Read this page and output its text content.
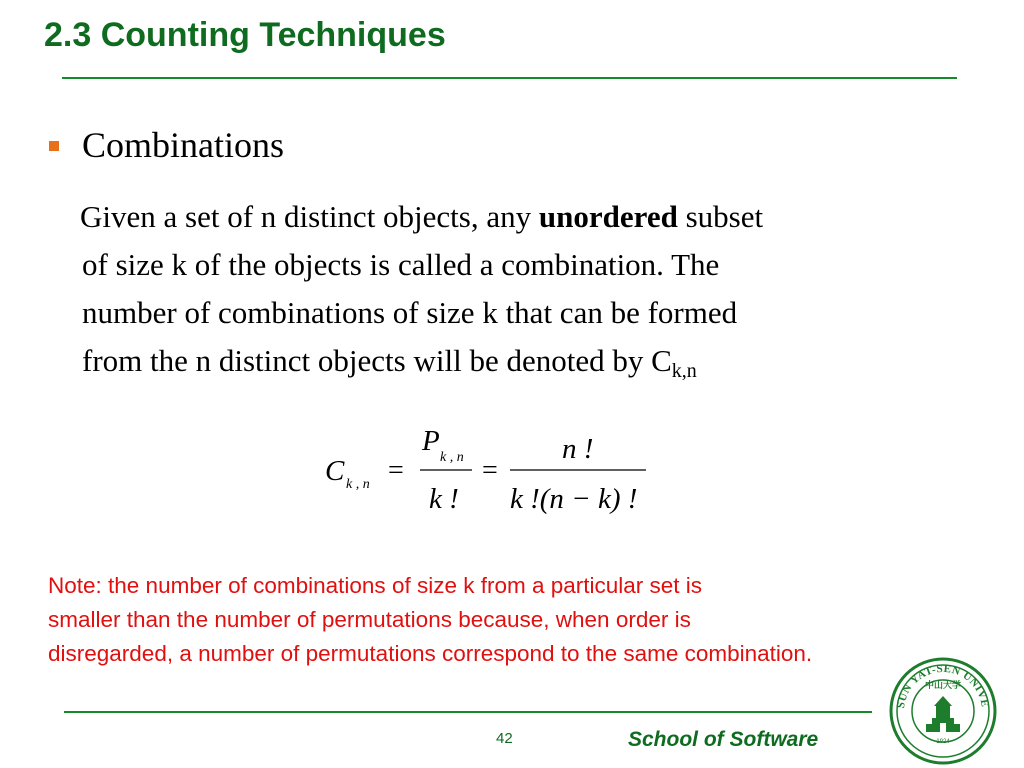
2.3 Counting Techniques

Combinations

Given a set of n distinct objects, any unordered subset
of size k of the objects is called a combination. The
number of combinations of size k that can be formed
from the n distinct objects will be denoted by $C_{k,n}$

C k , n =
P
k , n
k !
=
n !
k !(n − k) !

Note: the number of combinations of size k from a particular set is
smaller than the number of permutations because, when order is
disregarded, a number of permutations correspond to the same combination.

42	School of Software
SUN YAT-SEN UNIVE
1924
中山大学
